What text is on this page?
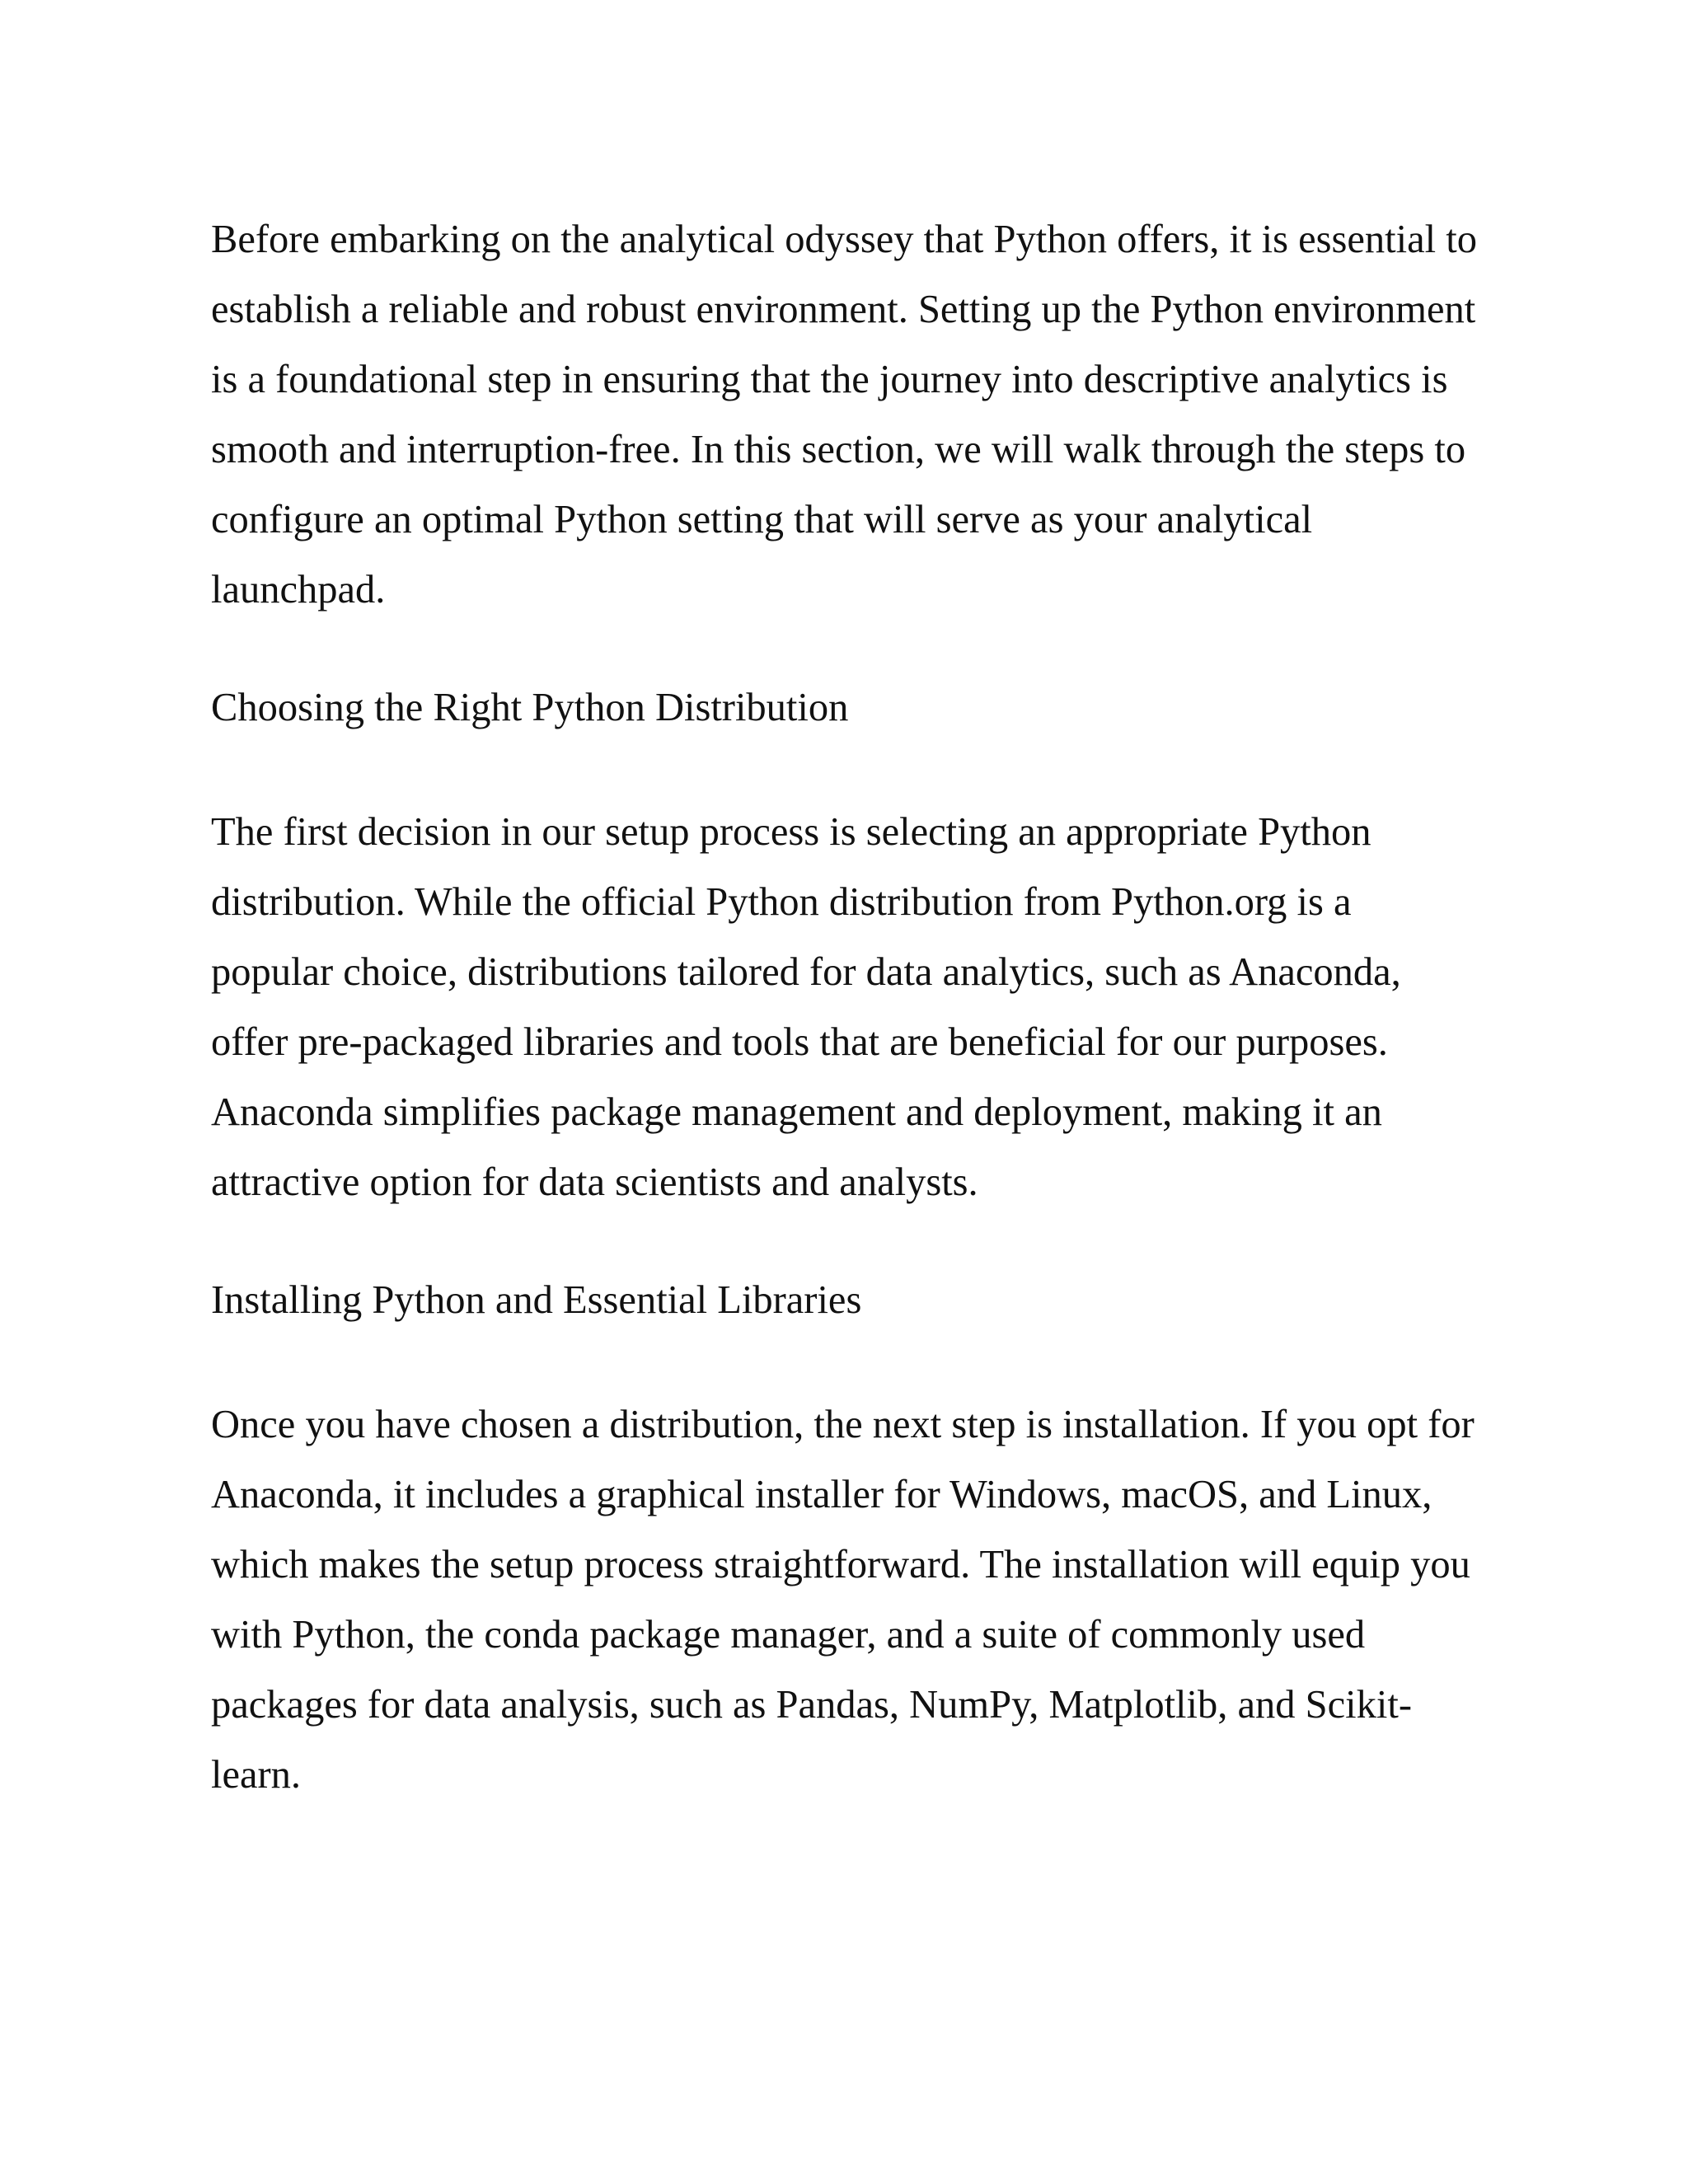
Before embarking on the analytical odyssey that Python offers, it is essential to establish a reliable and robust environment. Setting up the Python environment is a foundational step in ensuring that the journey into descriptive analytics is smooth and interruption-free. In this section, we will walk through the steps to configure an optimal Python setting that will serve as your analytical launchpad.

Choosing the Right Python Distribution

The first decision in our setup process is selecting an appropriate Python distribution. While the official Python distribution from Python.org is a popular choice, distributions tailored for data analytics, such as Anaconda, offer pre-packaged libraries and tools that are beneficial for our purposes. Anaconda simplifies package management and deployment, making it an attractive option for data scientists and analysts.

Installing Python and Essential Libraries

Once you have chosen a distribution, the next step is installation. If you opt for Anaconda, it includes a graphical installer for Windows, macOS, and Linux, which makes the setup process straightforward. The installation will equip you with Python, the conda package manager, and a suite of commonly used packages for data analysis, such as Pandas, NumPy, Matplotlib, and Scikit-learn.
